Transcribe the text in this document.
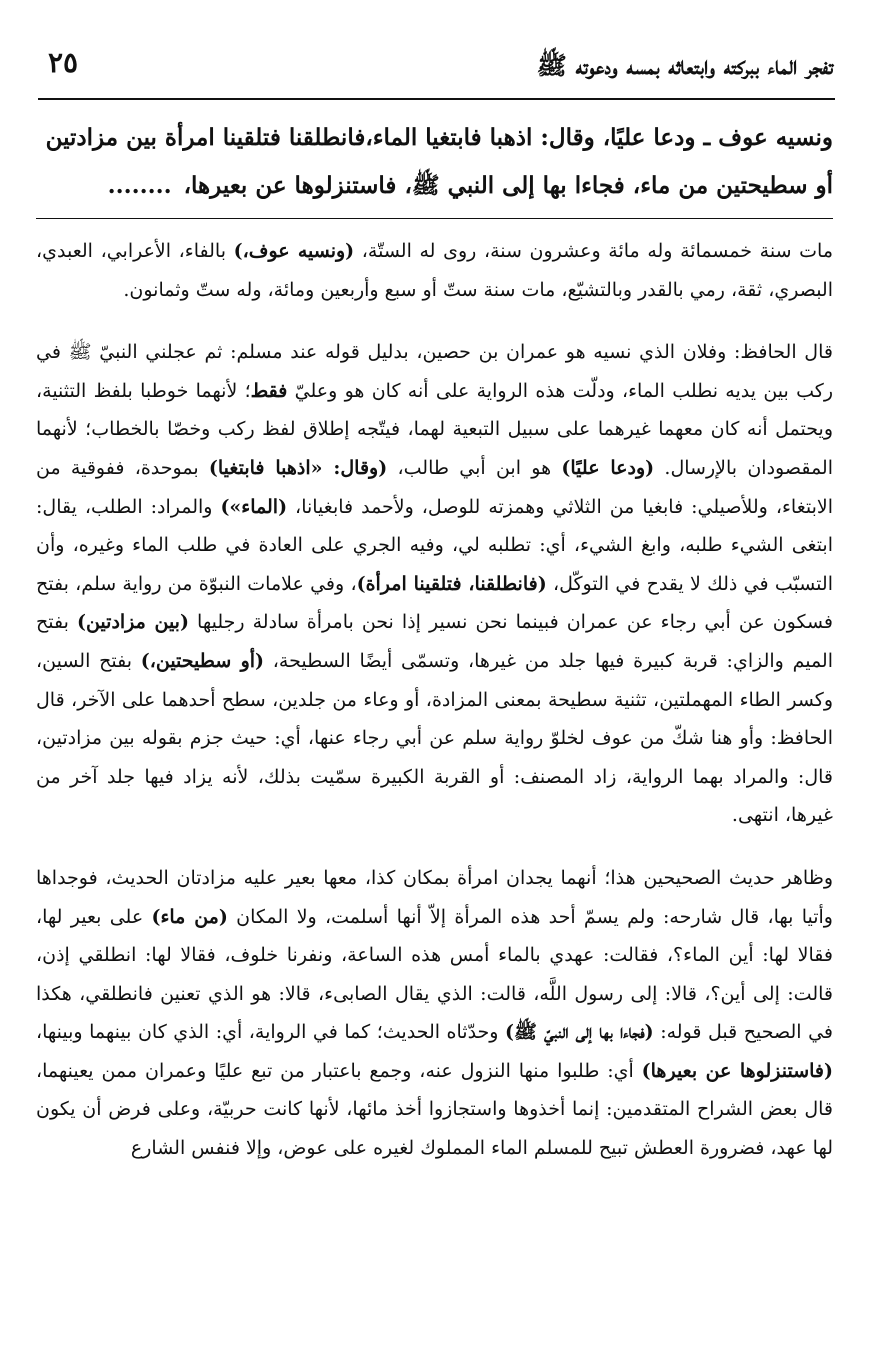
تفجر الماء ببركته وابتعاثه بمسه ودعوته ﷺ
٢٥
ونسيه عوف ـ ودعا عليًا، وقال: اذهبا فابتغيا الماء،فانطلقنا فتلقينا امرأة بين مزادتين
أو سطيحتين من ماء، فجاءا بها إلى النبي ﷺ، فاستنزلوها عن بعيرها،........

مات سنة خمسمائة وله مائة وعشرون سنة، روى له الستّة، (ونسيه عوف،) بالفاء، الأعرابي، العبدي، البصري، ثقة، رمي بالقدر وبالتشيّع، مات سنة ستّ أو سبع وأربعين ومائة، وله ستّ وثمانون.

قال الحافظ: وفلان الذي نسيه هو عمران بن حصين، بدليل قوله عند مسلم: ثم عجلني النبيّ ﷺ في ركب بين يديه نطلب الماء، ودلّت هذه الرواية على أنه كان هو وعليّ فقط؛ لأنهما خوطبا بلفظ التثنية، ويحتمل أنه كان معهما غيرهما على سبيل التبعية لهما، فيتّجه إطلاق لفظ ركب وخصّا بالخطاب؛ لأنهما المقصودان بالإرسال. (ودعا عليًا) هو ابن أبي طالب، (وقال: «اذهبا فابتغيا) بموحدة، ففوقية من الابتغاء، وللأصيلي: فابغيا من الثلاثي وهمزته للوصل، ولأحمد فابغيانا، (الماء») والمراد: الطلب، يقال: ابتغى الشيء طلبه، وابغ الشيء، أي: تطلبه لي، وفيه الجري على العادة في طلب الماء وغيره، وأن التسبّب في ذلك لا يقدح في التوكّل، (فانطلقنا، فتلقينا امرأة)، وفي علامات النبوّة من رواية سلم، بفتح فسكون عن أبي رجاء عن عمران فبينما نحن نسير إذا نحن بامرأة سادلة رجليها (بين مزادتين) بفتح الميم والزاي: قربة كبيرة فيها جلد من غيرها، وتسمّى أيضًا السطيحة، (أو سطيحتين،) بفتح السين، وكسر الطاء المهملتين، تثنية سطيحة بمعنى المزادة، أو وعاء من جلدين، سطح أحدهما على الآخر، قال الحافظ: وأو هنا شكّ من عوف لخلوّ رواية سلم عن أبي رجاء عنها، أي: حيث جزم بقوله بين مزادتين، قال: والمراد بهما الرواية، زاد المصنف: أو القربة الكبيرة سمّيت بذلك، لأنه يزاد فيها جلد آخر من غيرها، انتهى.

وظاهر حديث الصحيحين هذا؛ أنهما يجدان امرأة بمكان كذا، معها بعير عليه مزادتان الحديث، فوجداها وأتيا بها، قال شارحه: ولم يسمّ أحد هذه المرأة إلاّ أنها أسلمت، ولا المكان (من ماء) على بعير لها، فقالا لها: أين الماء؟، فقالت: عهدي بالماء أمس هذه الساعة، ونفرنا خلوف، فقالا لها: انطلقي إذن، قالت: إلى أين؟، قالا: إلى رسول اللَّه، قالت: الذي يقال الصابىء، قالا: هو الذي تعنين فانطلقي، هكذا في الصحيح قبل قوله: (فجاءا بها إلى النبيّ ﷺ) وحدّثاه الحديث؛ كما في الرواية، أي: الذي كان بينهما وبينها، (فاستنزلوها عن بعيرها) أي: طلبوا منها النزول عنه، وجمع باعتبار من تبع عليًا وعمران ممن يعينهما، قال بعض الشراح المتقدمين: إنما أخذوها واستجازوا أخذ مائها، لأنها كانت حربيّة، وعلى فرض أن يكون لها عهد، فضرورة العطش تبيح للمسلم الماء المملوك لغيره على عوض، وإلا فنفس الشارع
